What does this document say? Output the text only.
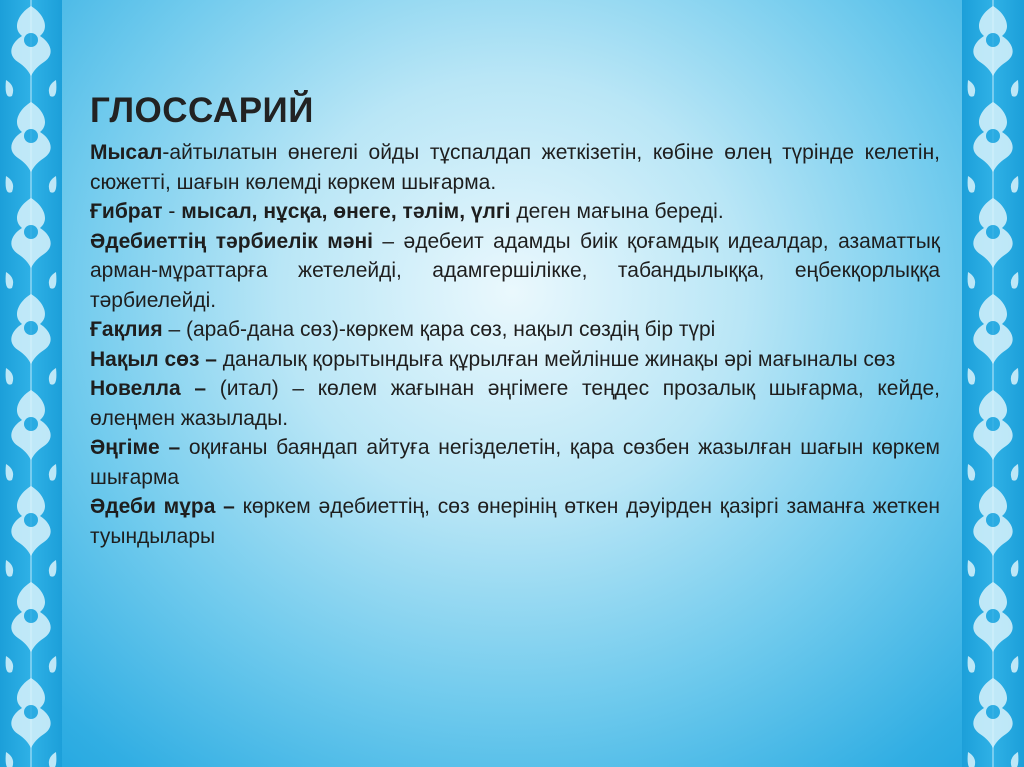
ГЛОССАРИЙ

Мысал-айтылатын өнегелі ойды тұспалдап жеткізетін, көбіне өлең түрінде келетін, сюжетті, шағын көлемді көркем шығарма.

Ғибрат - мысал, нұсқа, өнеге, тәлім, үлгі деген мағына береді.

Әдебиеттің тәрбиелік мәні – әдебеит адамды биік қоғамдық идеалдар, азаматтық арман-мұраттарға жетелейді, адамгершілікке, табандылыққа, еңбекқорлыққа тәрбиелейді.

Ғақлия – (араб-дана сөз)-көркем қара сөз, нақыл сөздің бір түрі

Нақыл сөз – даналық қорытындыға құрылған мейлінше жинақы әрі мағыналы сөз

Новелла – (итал) – көлем жағынан әңгімеге теңдес прозалық шығарма, кейде, өлеңмен жазылады.

Әңгіме – оқиғаны баяндап айтуға негізделетін, қара сөзбен жазылған шағын көркем шығарма

Әдеби мұра – көркем әдебиеттің, сөз өнерінің өткен дәуірден қазіргі заманға жеткен туындылары
